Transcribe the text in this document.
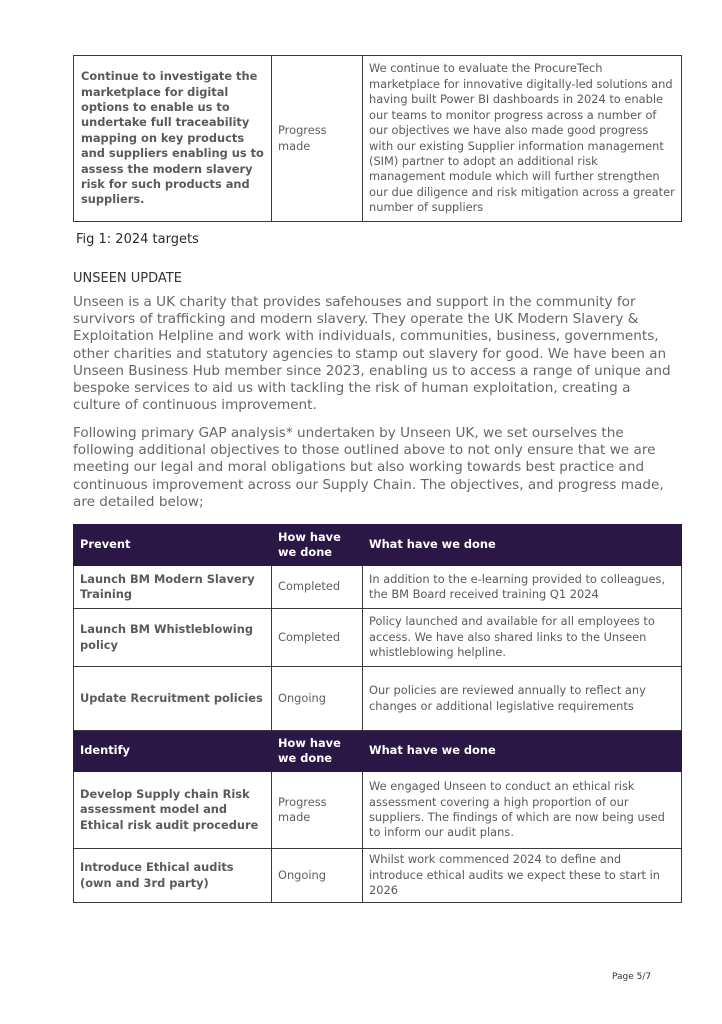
Continue to investigate the marketplace for digital options to enable us to undertake full traceability mapping on key products and suppliers enabling us to assess the modern slavery risk for such products and suppliers.	Progress made	We continue to evaluate the ProcureTech marketplace for innovative digitally-led solutions and having built Power BI dashboards in 2024 to enable our teams to monitor progress across a number of our objectives we have also made good progress with our existing Supplier information management (SIM) partner to adopt an additional risk management module which will further strengthen our due diligence and risk mitigation across a greater number of suppliers
Fig 1: 2024 targets
UNSEEN UPDATE

Unseen is a UK charity that provides safehouses and support in the community for survivors of trafficking and modern slavery. They operate the UK Modern Slavery & Exploitation Helpline and work with individuals, communities, business, governments, other charities and statutory agencies to stamp out slavery for good. We have been an Unseen Business Hub member since 2023, enabling us to access a range of unique and bespoke services to aid us with tackling the risk of human exploitation, creating a culture of continuous improvement.

Following primary GAP analysis* undertaken by Unseen UK, we set ourselves the following additional objectives to those outlined above to not only ensure that we are meeting our legal and moral obligations but also working towards best practice and continuous improvement across our Supply Chain. The objectives, and progress made, are detailed below;

Prevent	How have we done	What have we done
Launch BM Modern Slavery Training	Completed	In addition to the e-learning provided to colleagues, the BM Board received training Q1 2024
Launch BM Whistleblowing policy	Completed	Policy launched and available for all employees to access. We have also shared links to the Unseen whistleblowing helpline.
Update Recruitment policies	Ongoing	Our policies are reviewed annually to reflect any changes or additional legislative requirements
Identify	How have we done	What have we done
Develop Supply chain Risk assessment model and Ethical risk audit procedure	Progress made	We engaged Unseen to conduct an ethical risk assessment covering a high proportion of our suppliers. The findings of which are now being used to inform our audit plans.
Introduce Ethical audits (own and 3rd party)	Ongoing	Whilst work commenced 2024 to define and introduce ethical audits we expect these to start in 2026
Page 5/7
